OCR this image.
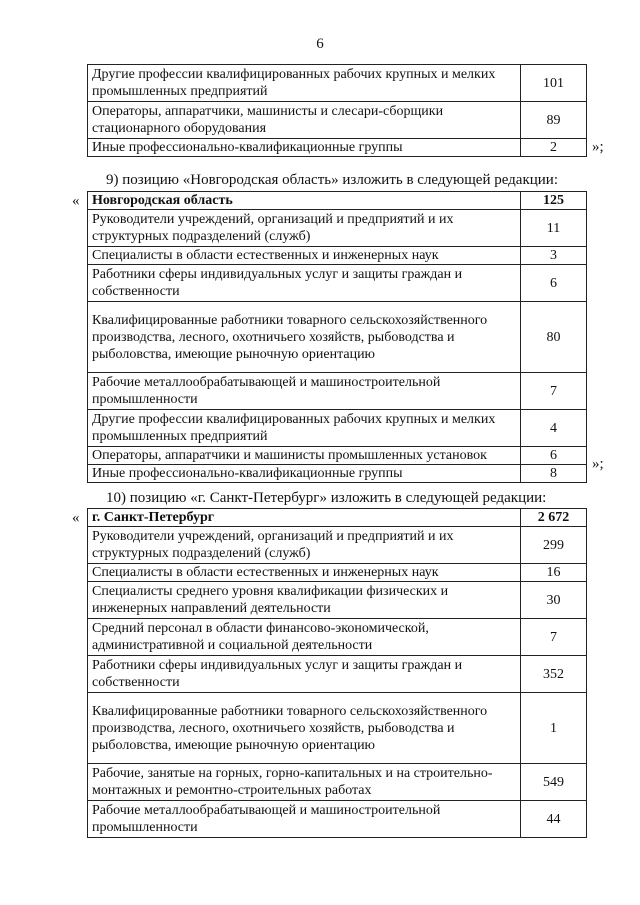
6
Другие профессии квалифицированных рабочих крупных и мелких промышленных предприятий	101
Операторы, аппаратчики, машинисты и слесари-сборщики стационарного оборудования	89
Иные профессионально-квалификационные группы	2 »;
9) позицию «Новгородская область» изложить в следующей редакции:
« Новгородская область	125
Руководители учреждений, организаций и предприятий и их структурных подразделений (служб)	11
Специалисты в области естественных и инженерных наук	3
Работники сферы индивидуальных услуг и защиты граждан и собственности	6
Квалифицированные работники товарного сельскохозяйственного производства, лесного, охотничьего хозяйств, рыбоводства и рыболовства, имеющие рыночную ориентацию	80
Рабочие металлообрабатывающей и машиностроительной промышленности	7
Другие профессии квалифицированных рабочих крупных и мелких промышленных предприятий	4
Операторы, аппаратчики и машинисты промышленных установок	6
Иные профессионально-квалификационные группы	8
»;
10) позицию «г. Санкт-Петербург» изложить в следующей редакции:
« г. Санкт-Петербург	2 672
Руководители учреждений, организаций и предприятий и их структурных подразделений (служб)	299
Специалисты в области естественных и инженерных наук	16
Специалисты среднего уровня квалификации физических и инженерных направлений деятельности	30
Средний персонал в области финансово-экономической, административной и социальной деятельности	7
Работники сферы индивидуальных услуг и защиты граждан и собственности	352
Квалифицированные работники товарного сельскохозяйственного производства, лесного, охотничьего хозяйств, рыбоводства и рыболовства, имеющие рыночную ориентацию	1
Рабочие, занятые на горных, горно-капитальных и на строительно-монтажных и ремонтно-строительных работах	549
Рабочие металлообрабатывающей и машиностроительной промышленности	44
